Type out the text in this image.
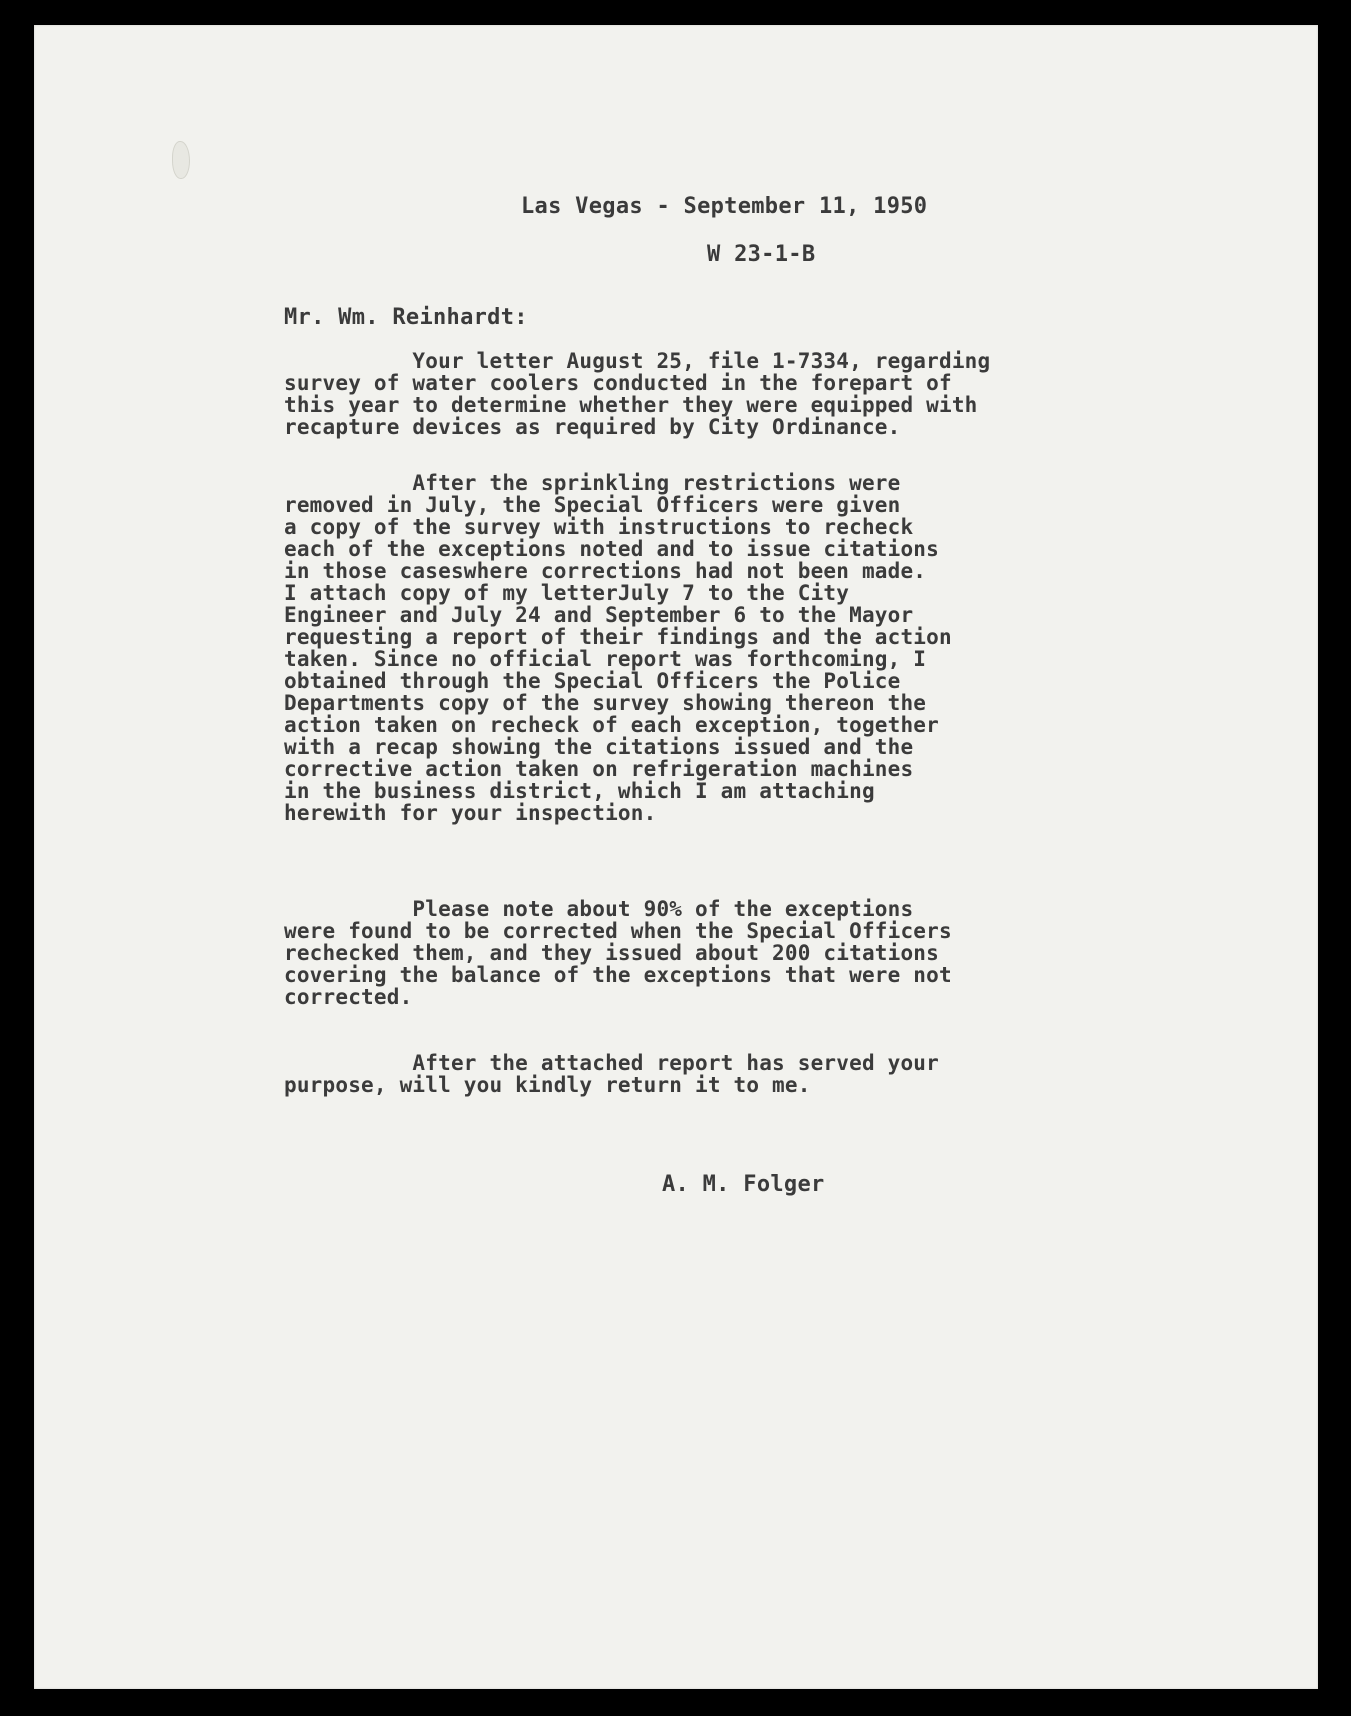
Las Vegas - September 11, 1950
W 23-1-B
Mr. Wm. Reinhardt:
Your letter August 25, file 1-7334, regarding
survey of water coolers conducted in the forepart of
this year to determine whether they were equipped with
recapture devices as required by City Ordinance.
After the sprinkling restrictions were
removed in July, the Special Officers were given
a copy of the survey with instructions to recheck
each of the exceptions noted and to issue citations
in those caseswhere corrections had not been made.
I attach copy of my letterJuly 7 to the City
Engineer and July 24 and September 6 to the Mayor
requesting a report of their findings and the action
taken. Since no official report was forthcoming, I
obtained through the Special Officers the Police
Departments copy of the survey showing thereon the
action taken on recheck of each exception, together
with a recap showing the citations issued and the
corrective action taken on refrigeration machines
in the business district, which I am attaching
herewith for your inspection.
Please note about 90% of the exceptions
were found to be corrected when the Special Officers
rechecked them, and they issued about 200 citations
covering the balance of the exceptions that were not
corrected.
After the attached report has served your
purpose, will you kindly return it to me.
A. M. Folger
